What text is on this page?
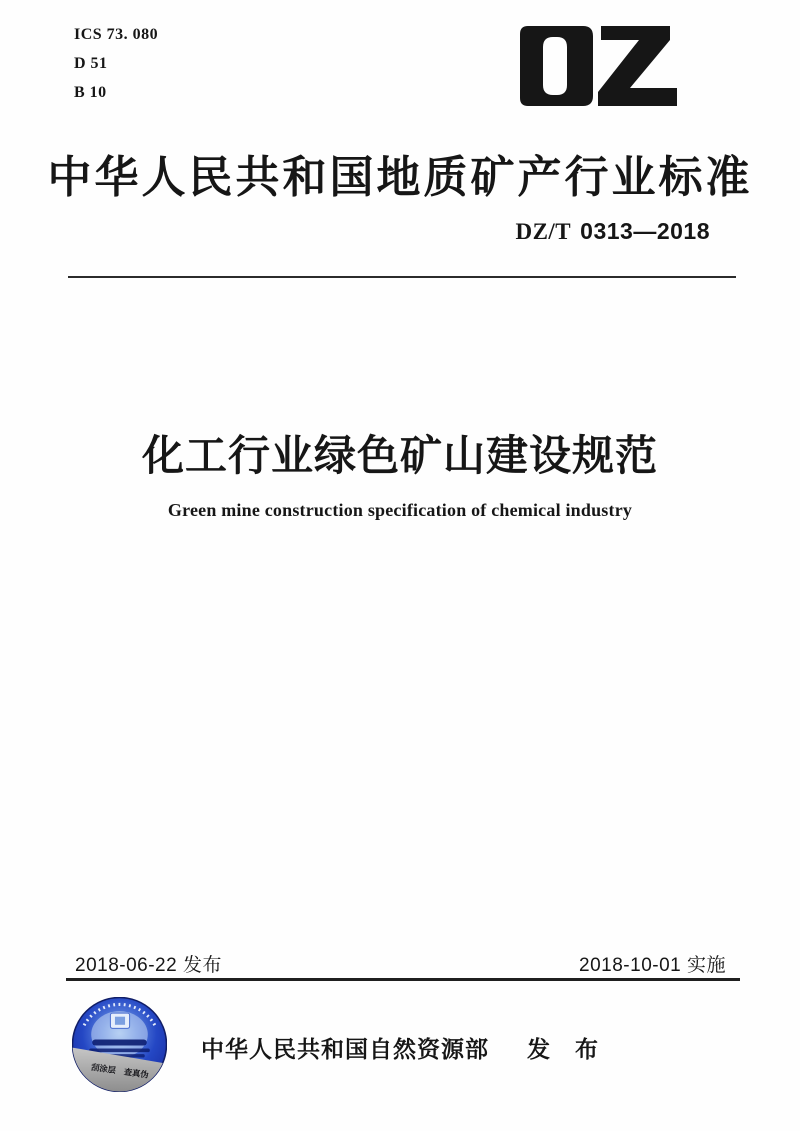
ICS 73. 080
D 51
B 10
中华人民共和国地质矿产行业标准
DZ/T 0313—2018
化工行业绿色矿山建设规范
Green mine construction specification of chemical industry
2018-06-22 发布	2018-10-01 实施
刮涂层　查真伪
中华人民共和国自然资源部 发　布
